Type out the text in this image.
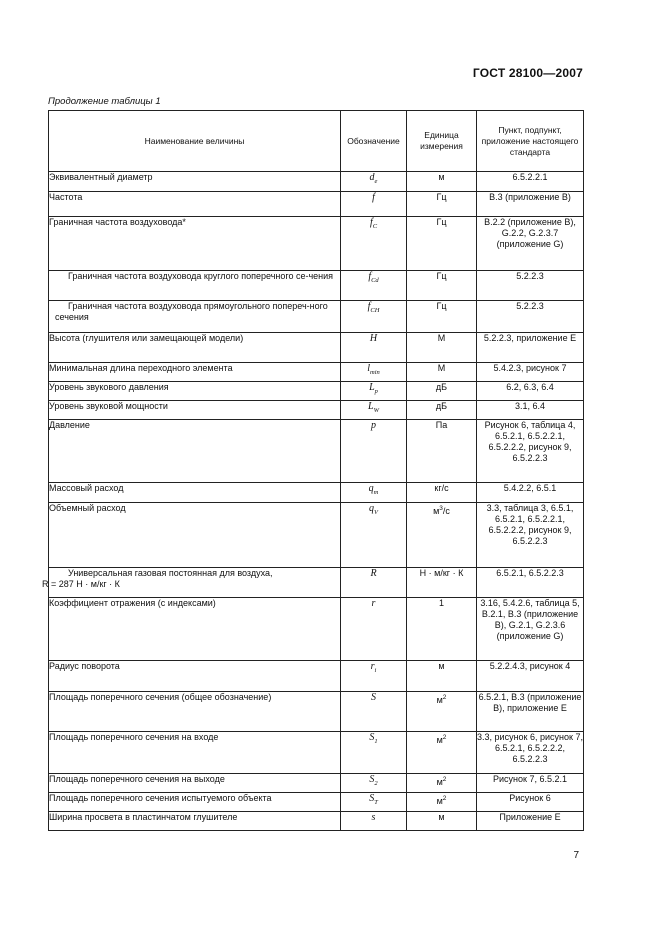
ГОСТ 28100—2007
Продолжение таблицы 1
Наименование величины	Обозначение	Единица измерения	Пункт, подпункт, приложение настоящего стандарта
Эквивалентный диаметр	$d_e$	м	6.5.2.2.1
Частота	f	Гц	B.3 (приложение B)
Граничная частота воздуховода*	$f_C$	Гц	B.2.2 (приложение B), G.2.2, G.2.3.7 (приложение G)
Граничная частота воздуховода круглого поперечного се-чения	$f_{Cd}$	Гц	5.2.2.3
Граничная частота воздуховода прямоугольного попереч-ного сечения	$f_{CH}$	Гц	5.2.2.3
Высота (глушителя или замещающей модели)	H	М	5.2.2.3, приложение E
Минимальная длина переходного элемента	$l_{min}$	М	5.4.2.3, рисунок 7
Уровень звукового давления	$L_p$	дБ	6.2, 6.3, 6.4
Уровень звуковой мощности	$L_W$	дБ	3.1, 6.4
Давление	p	Па	Рисунок 6, таблица 4, 6.5.2.1, 6.5.2.2.1, 6.5.2.2.2, рисунок 9, 6.5.2.2.3
Массовый расход	$q_m$	кг/с	5.4.2.2, 6.5.1
Объемный расход	$q_V$	$м^3/с$	3.3, таблица 3, 6.5.1, 6.5.2.1, 6.5.2.2.1, 6.5.2.2.2, рисунок 9, 6.5.2.2.3
Универсальная газовая постоянная для воздуха,
R = 287 Н · м/кг · К	R	Н · м/кг · К	6.5.2.1, 6.5.2.2.3
Коэффициент отражения (с индексами)	r	1	3.16, 5.4.2.6, таблица 5, B.2.1, B.3 (приложение B), G.2.1, G.2.3.6 (приложение G)
Радиус поворота	$r_i$	м	5.2.2.4.3, рисунок 4
Площадь поперечного сечения (общее обозначение)	S	$м^2$	6.5.2.1, B.3 (приложение B), приложение E
Площадь поперечного сечения на входе	$S_1$	$м^2$	3.3, рисунок 6, рисунок 7, 6.5.2.1, 6.5.2.2.2, 6.5.2.2.3
Площадь поперечного сечения на выходе	$S_2$	$м^2$	Рисунок 7, 6.5.2.1
Площадь поперечного сечения испытуемого объекта	$S_T$	$м^2$	Рисунок 6
Ширина просвета в пластинчатом глушителе	s	м	Приложение E
7
